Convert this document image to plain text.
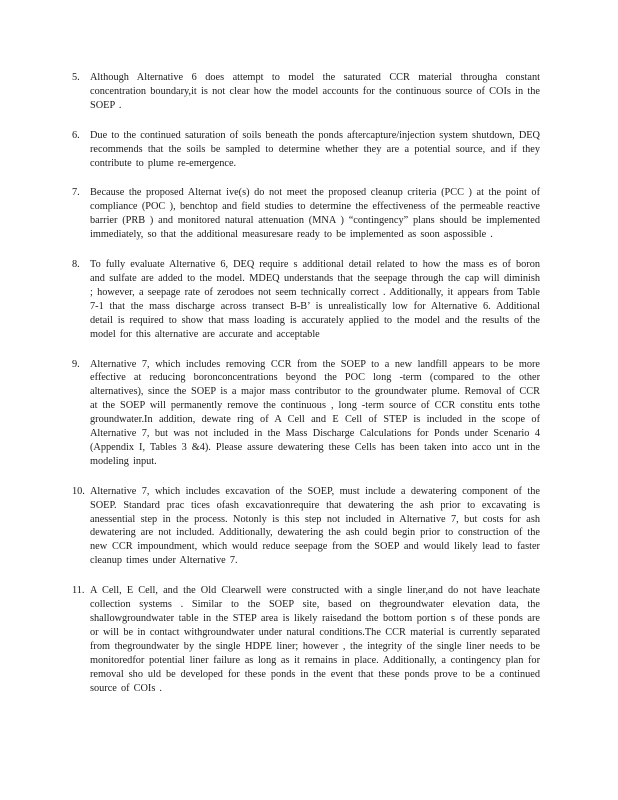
5. Although Alternative 6 does attempt to model the saturated CCR material througha constant concentration boundary,it is not clear how the model accounts for the continuous source of COIs in the SOEP .
6. Due to the continued saturation of soils beneath the ponds aftercapture/injection system shutdown, DEQ recommends that the soils be sampled to determine whether they are a potential source, and if they contribute to plume re-emergence.
7. Because the proposed Alternat ive(s) do not meet the proposed cleanup criteria (PCC ) at the point of compliance (POC ), benchtop and field studies to determine the effectiveness of the permeable reactive barrier (PRB ) and monitored natural attenuation (MNA ) “contingency” plans should be implemented immediately, so that the additional measuresare ready to be implemented as soon aspossible .
8. To fully evaluate Alternative 6, DEQ require s additional detail related to how the mass es of boron and sulfate are added to the model. MDEQ understands that the seepage through the cap will diminish ; however, a seepage rate of zerodoes not seem technically correct . Additionally, it appears from Table 7-1 that the mass discharge across transect B-B’ is unrealistically low for Alternative 6. Additional detail is required to show that mass loading is accurately applied to the model and the results of the model for this alternative are accurate and acceptable
9. Alternative 7, which includes removing CCR from the SOEP to a new landfill appears to be more effective at reducing boronconcentrations beyond the POC long -term (compared to the other alternatives), since the SOEP is a major mass contributor to the groundwater plume. Removal of CCR at the SOEP will permanently remove the continuous , long -term source of CCR constitu ents tothe groundwater.In addition, dewate ring of A Cell and E Cell of STEP is included in the scope of Alternative 7, but was not included in the Mass Discharge Calculations for Ponds under Scenario 4 (Appendix I, Tables 3 &4). Please assure dewatering these Cells has been taken into acco unt in the modeling input.
10. Alternative 7, which includes excavation of the SOEP, must include a dewatering component of the SOEP. Standard prac tices ofash excavationrequire that dewatering the ash prior to excavating is anessential step in the process. Notonly is this step not included in Alternative 7, but costs for ash dewatering are not included. Additionally, dewatering the ash could begin prior to construction of the new CCR impoundment, which would reduce seepage from the SOEP and would likely lead to faster cleanup times under Alternative 7.
11. A Cell, E Cell, and the Old Clearwell were constructed with a single liner,and do not have leachate collection systems . Similar to the SOEP site, based on thegroundwater elevation data, the shallowgroundwater table in the STEP area is likely raisedand the bottom portion s of these ponds are or will be in contact withgroundwater under natural conditions.The CCR material is currently separated from thegroundwater by the single HDPE liner; however , the integrity of the single liner needs to be monitoredfor potential liner failure as long as it remains in place. Additionally, a contingency plan for removal sho uld be developed for these ponds in the event that these ponds prove to be a continued source of COIs .
